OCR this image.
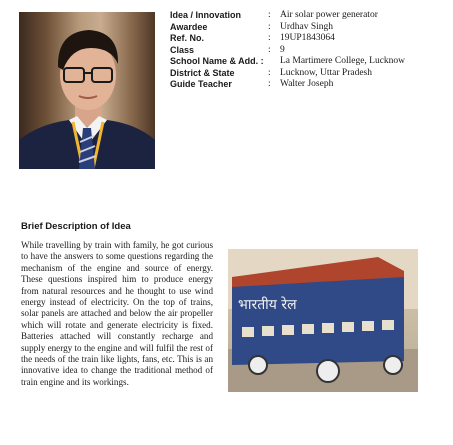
Idea / Innovation	: Air solar power generator
Awardee	: Urdhav Singh
Ref. No.	: 19UP1843064
Class	: 9
School Name & Add. :	La Martimere College, Lucknow
District & State	: Lucknow, Uttar Pradesh
Guide Teacher	: Walter Joseph
Brief Description of Idea

While travelling by train with family, he got curious to have the answers to some questions regarding the mechanism of the engine and source of energy. These questions inspired him to produce energy from natural resources and he thought to use wind energy instead of electricity. On the top of trains, solar panels are attached and below the air propeller which will rotate and generate electricity is fixed. Batteries attached will constantly recharge and supply energy to the engine and will fulfil the rest of the needs of the train like lights, fans, etc. This is an innovative idea to change the traditional method of train engine and its workings.

भारतीय रेल
